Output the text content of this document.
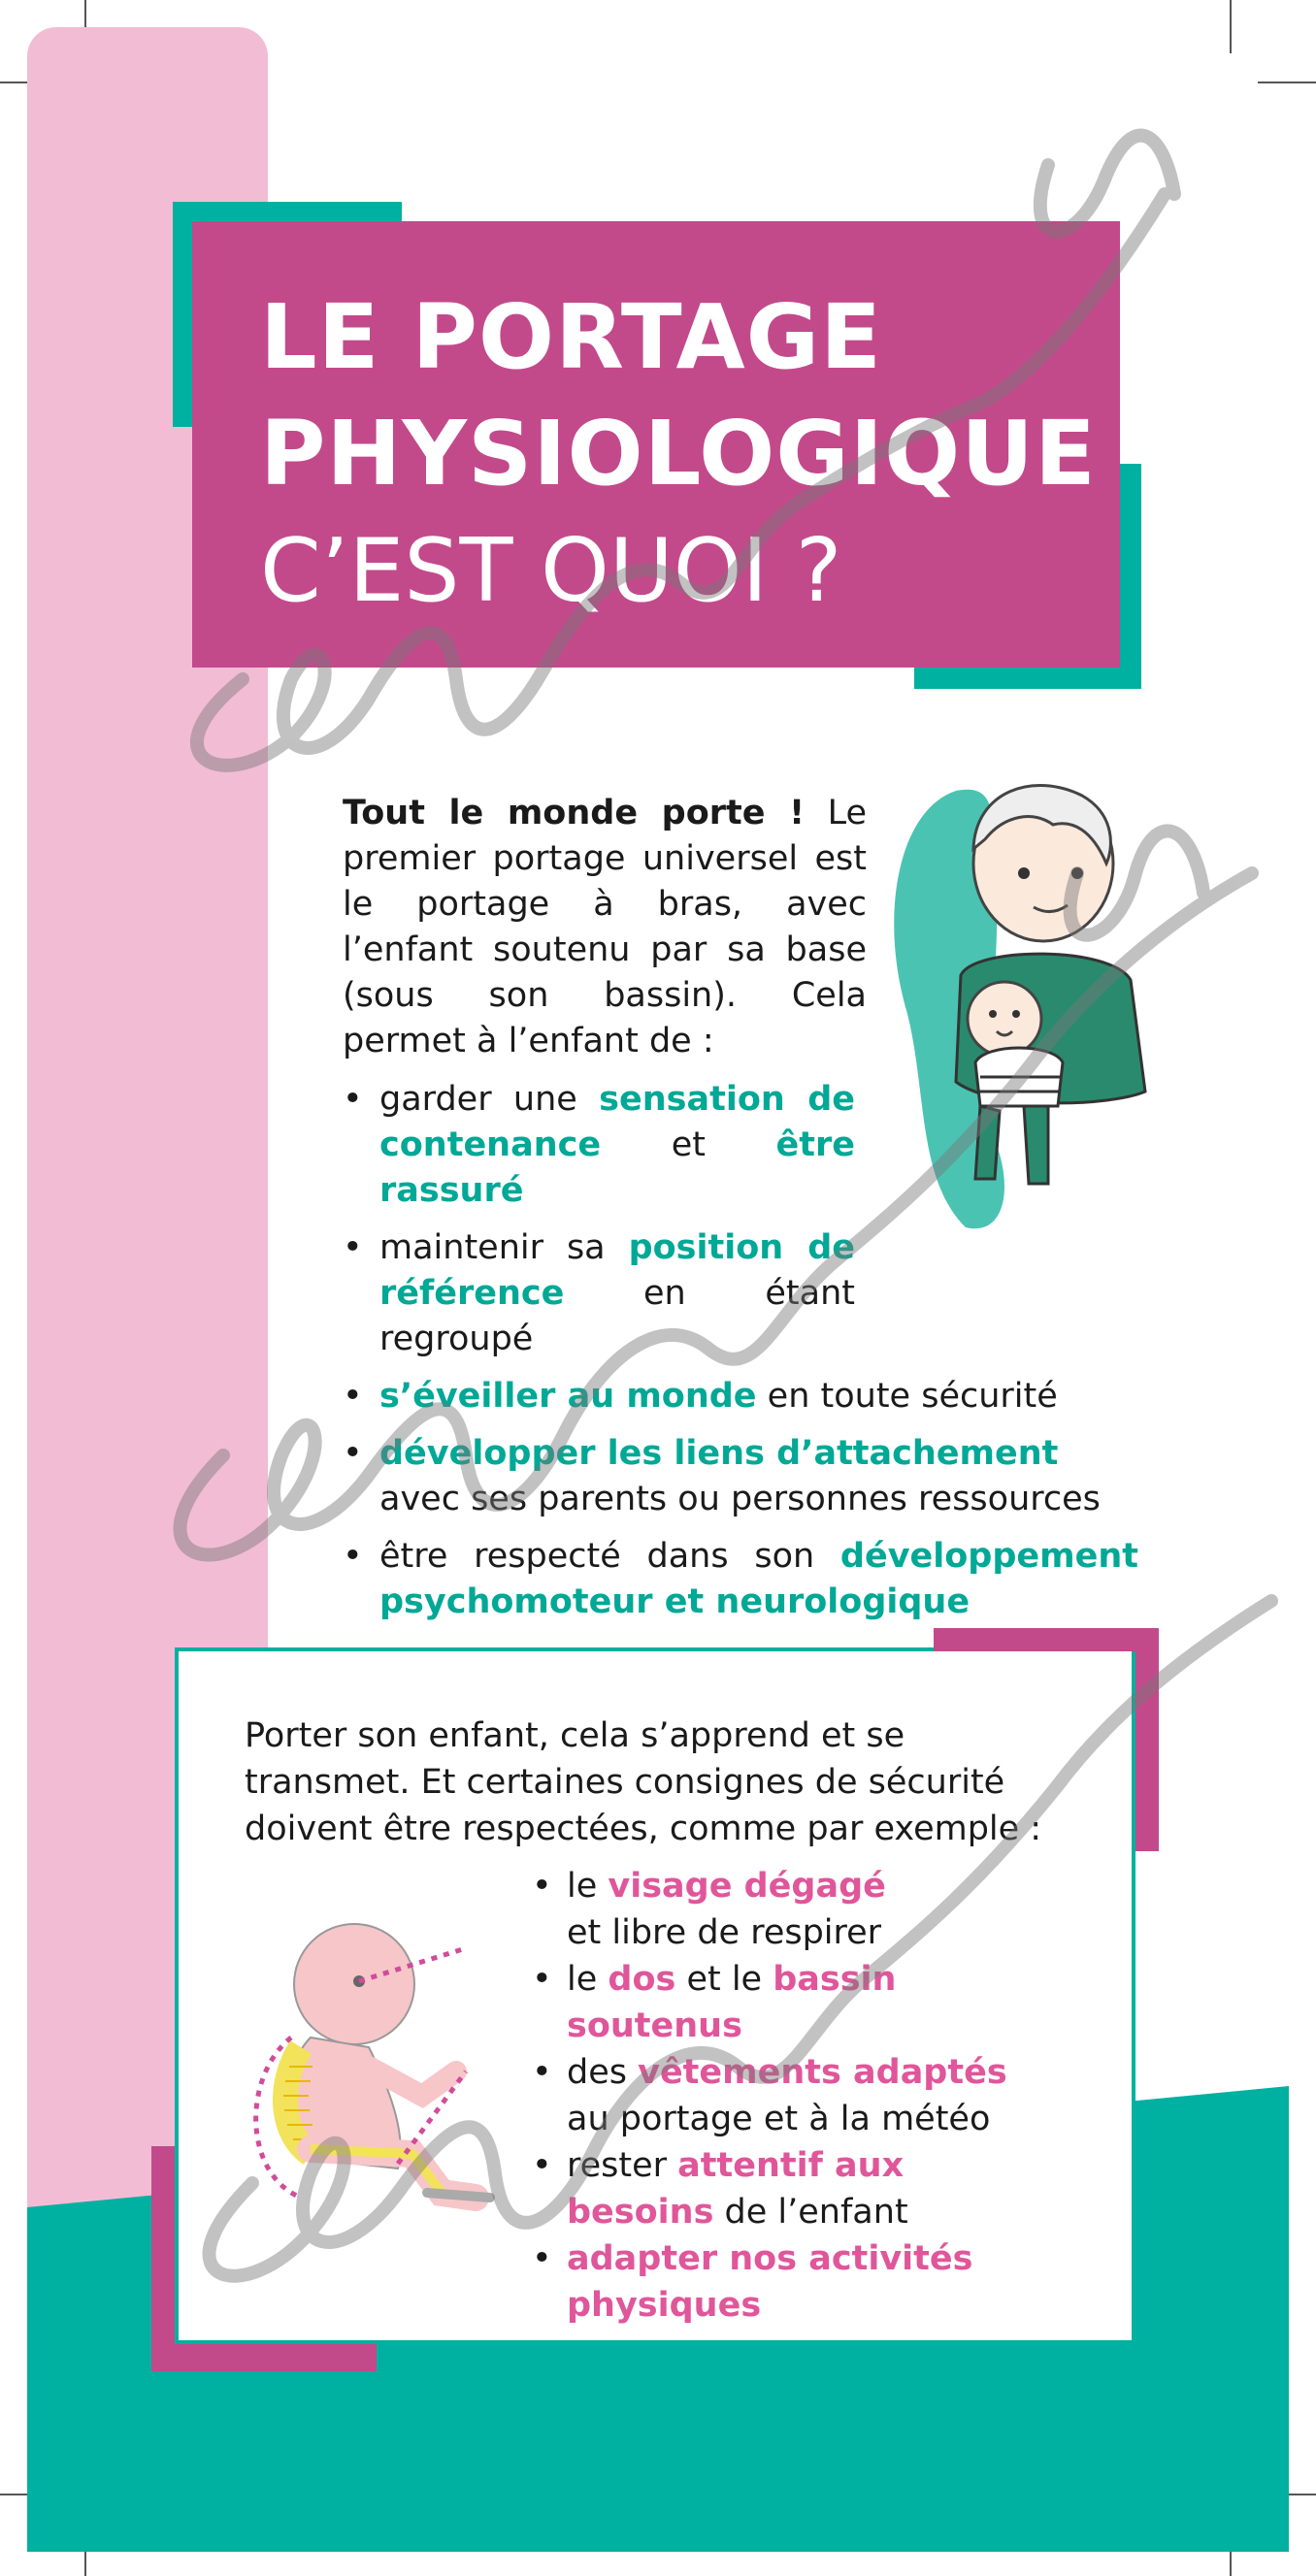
LE PORTAGE
PHYSIOLOGIQUE
C’EST QUOI ?
Tout le monde porte ! Le premier portage universel est le portage à bras, avec l’enfant soutenu par sa base (sous son bassin). Cela permet à l’enfant de :
• garder une sensation de contenance et être rassuré
• maintenir sa position de référence en étant regroupé
• s’éveiller au monde en toute sécurité
• développer les liens d’attachement avec ses parents ou personnes ressources
• être respecté dans son développement psychomoteur et neurologique
Porter son enfant, cela s’apprend et se transmet. Et certaines consignes de sécurité doivent être respectées, comme par exemple :
• le visage dégagé
et libre de respirer
• le dos et le bassin soutenus
• des vêtements adaptés
au portage et à la météo
• rester attentif aux besoins de l’enfant
• adapter nos activités physiques
